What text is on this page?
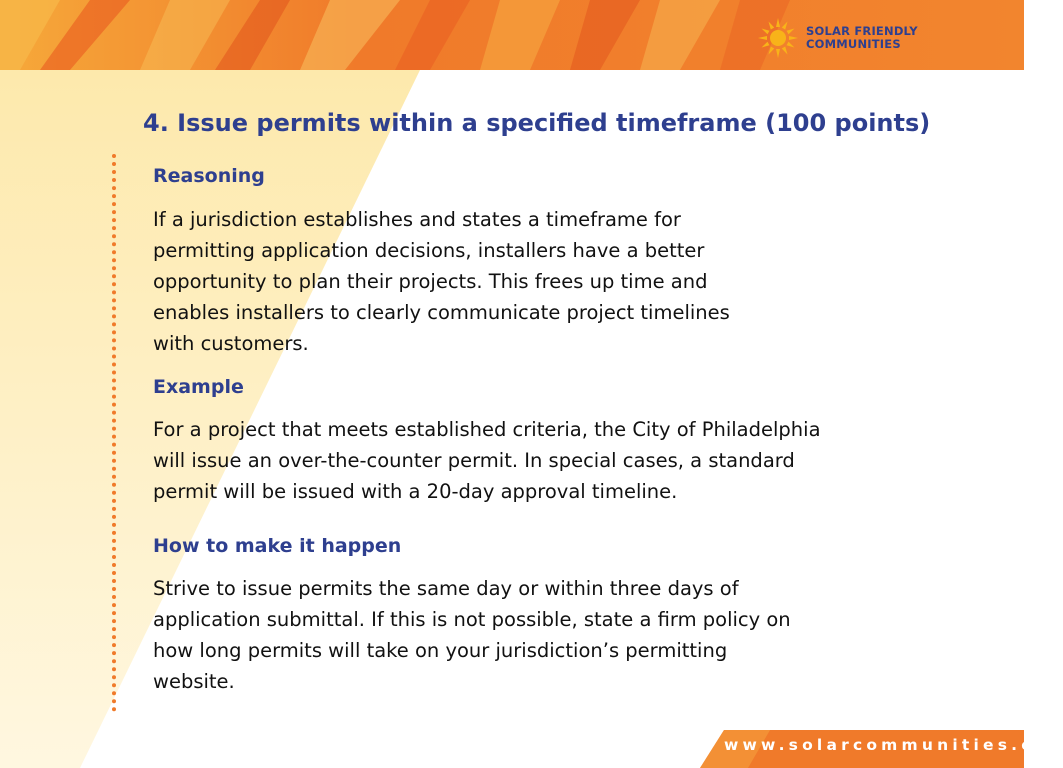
SOLAR FRIENDLY
COMMUNITIES
4. Issue permits within a specified timeframe (100 points)
Reasoning
If a jurisdiction establishes and states a timeframe for
permitting application decisions, installers have a better
opportunity to plan their projects. This frees up time and
enables installers to clearly communicate project timelines
with customers.
Example
For a project that meets established criteria, the City of Philadelphia
will issue an over-the-counter permit. In special cases, a standard
permit will be issued with a 20-day approval timeline.
How to make it happen
Strive to issue permits the same day or within three days of
application submittal. If this is not possible, state a firm policy on
how long permits will take on your jurisdiction’s permitting
website.
www.solarcommunities.org
